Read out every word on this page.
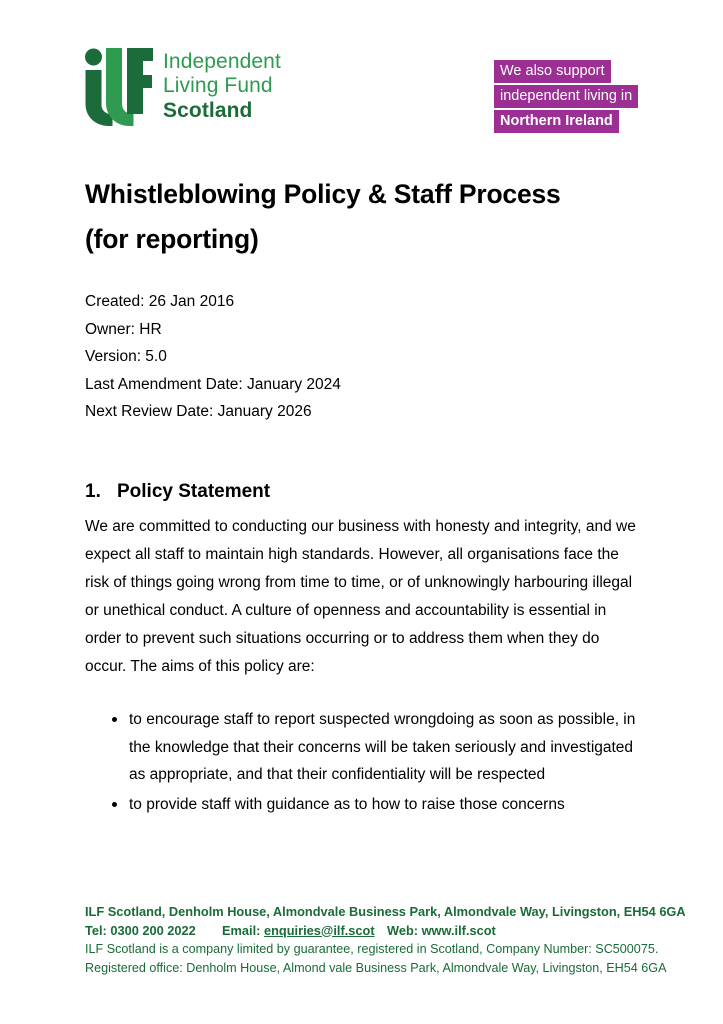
Independent
Living Fund
Scotland
We also support
independent living in
Northern Ireland
Whistleblowing Policy & Staff Process
(for reporting)
Created: 26 Jan 2016
Owner: HR
Version: 5.0
Last Amendment Date: January 2024
Next Review Date: January 2026
1. Policy Statement
We are committed to conducting our business with honesty and integrity, and we expect all staff to maintain high standards. However, all organisations face the risk of things going wrong from time to time, or of unknowingly harbouring illegal or unethical conduct. A culture of openness and accountability is essential in order to prevent such situations occurring or to address them when they do occur. The aims of this policy are:
to encourage staff to report suspected wrongdoing as soon as possible, in the knowledge that their concerns will be taken seriously and investigated as appropriate, and that their confidentiality will be respected
to provide staff with guidance as to how to raise those concerns
ILF Scotland, Denholm House, Almondvale Business Park, Almondvale Way, Livingston, EH54 6GA
Tel: 0300 200 2022	Email: enquiries@ilf.scot Web: www.ilf.scot
ILF Scotland is a company limited by guarantee, registered in Scotland, Company Number: SC500075.
Registered office: Denholm House, Almond vale Business Park, Almondvale Way, Livingston, EH54 6GA
